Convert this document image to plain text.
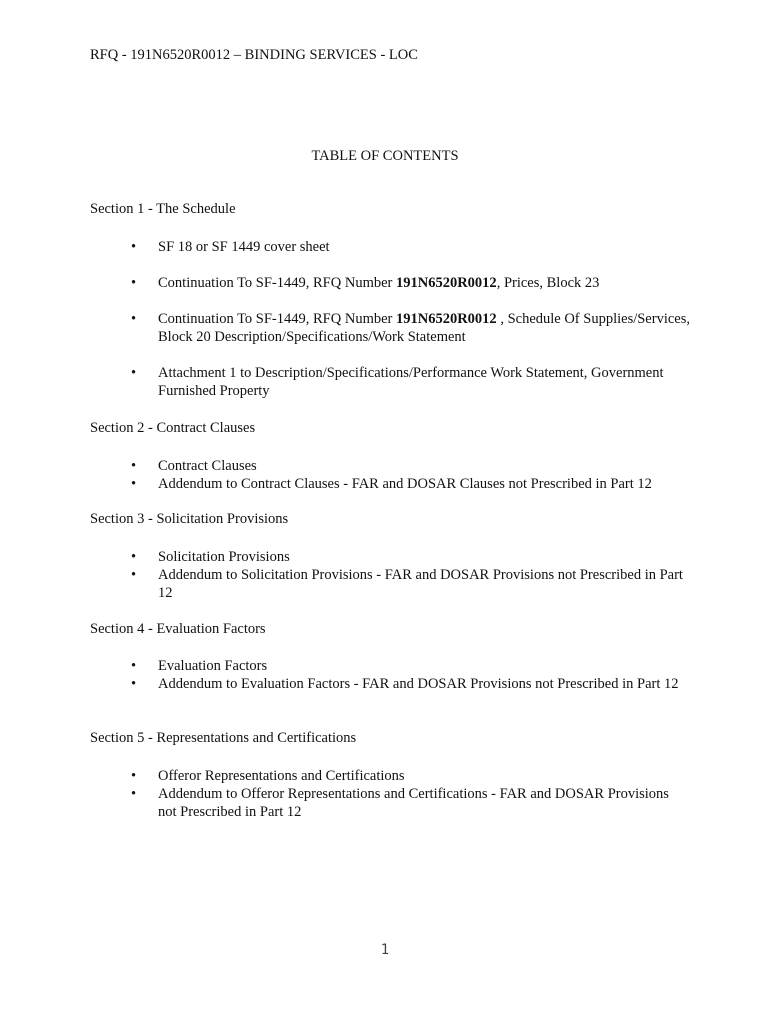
RFQ - 191N6520R0012 – BINDING SERVICES - LOC
TABLE OF CONTENTS
Section 1 - The Schedule
• SF 18 or SF 1449 cover sheet
• Continuation To SF-1449, RFQ Number 191N6520R0012, Prices, Block 23
• Continuation To SF-1449, RFQ Number 191N6520R0012 , Schedule Of Supplies/Services, Block 20 Description/Specifications/Work Statement
• Attachment 1 to Description/Specifications/Performance Work Statement, Government Furnished Property
Section 2 - Contract Clauses
• Contract Clauses
• Addendum to Contract Clauses - FAR and DOSAR Clauses not Prescribed in Part 12
Section 3 - Solicitation Provisions
• Solicitation Provisions
• Addendum to Solicitation Provisions - FAR and DOSAR Provisions not Prescribed in Part 12
Section 4 - Evaluation Factors
• Evaluation Factors
• Addendum to Evaluation Factors - FAR and DOSAR Provisions not Prescribed in Part 12
Section 5 - Representations and Certifications
• Offeror Representations and Certifications
• Addendum to Offeror Representations and Certifications - FAR and DOSAR Provisions not Prescribed in Part 12
1
